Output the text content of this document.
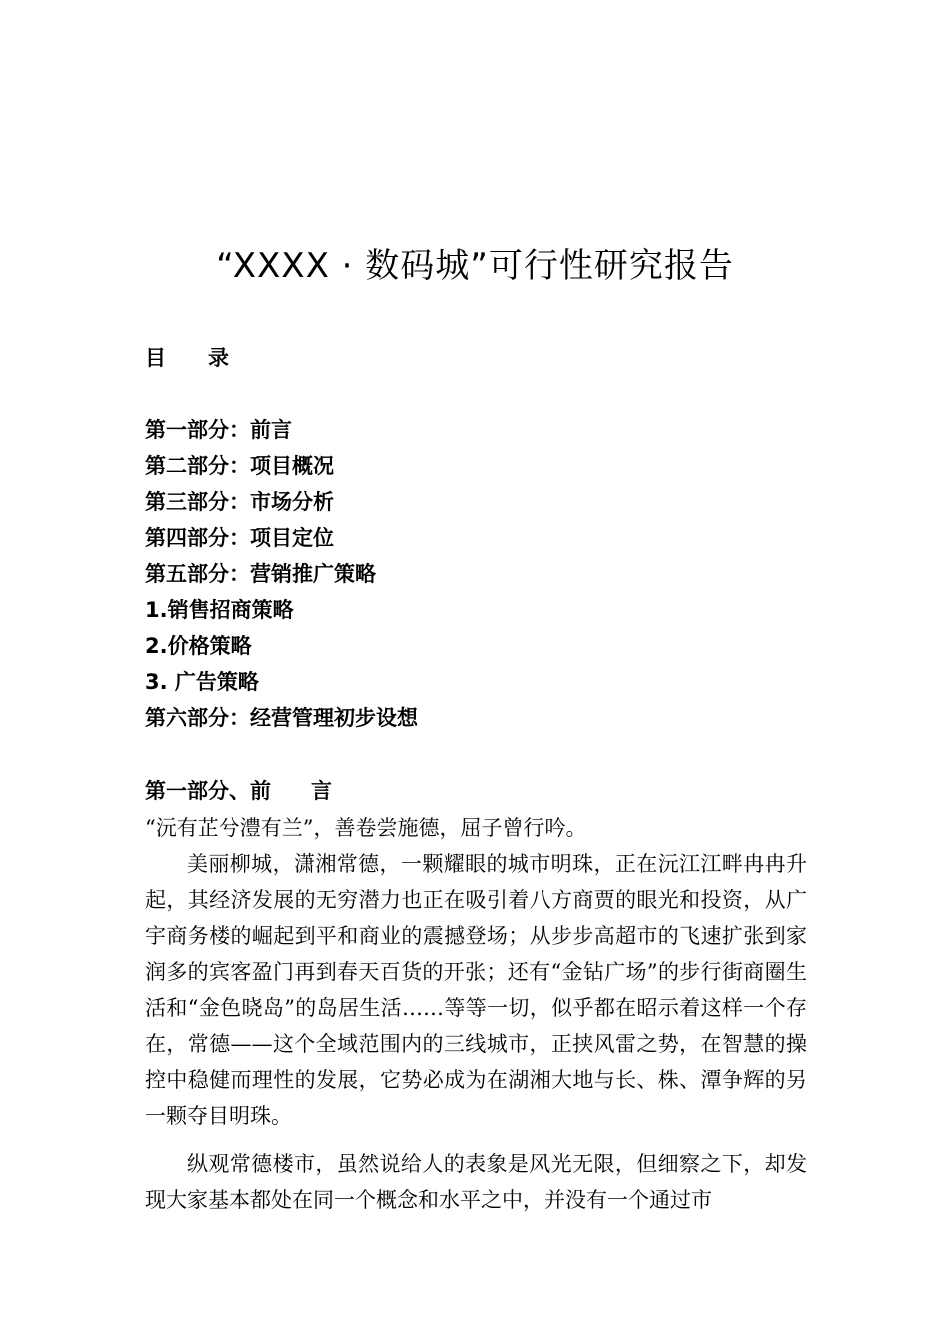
“XXXX · 数码城”可行性研究报告
目 录
第一部分：前言
第二部分：项目概况
第三部分：市场分析
第四部分：项目定位
第五部分：营销推广策略
1.销售招商策略
2.价格策略
3. 广告策略
第六部分：经营管理初步设想
第一部分、前 言

“沅有芷兮澧有兰”，善卷尝施德，屈子曾行吟。

美丽柳城，潇湘常德，一颗耀眼的城市明珠，正在沅江江畔冉冉升起，其经济发展的无穷潜力也正在吸引着八方商贾的眼光和投资，从广宇商务楼的崛起到平和商业的震撼登场；从步步高超市的飞速扩张到家润多的宾客盈门再到春天百货的开张；还有“金钻广场”的步行街商圈生活和“金色晓岛”的岛居生活……等等一切，似乎都在昭示着这样一个存在，常德——这个全域范围内的三线城市，正挟风雷之势，在智慧的操控中稳健而理性的发展，它势必成为在湖湘大地与长、株、潭争辉的另一颗夺目明珠。

纵观常德楼市，虽然说给人的表象是风光无限，但细察之下，却发现大家基本都处在同一个概念和水平之中，并没有一个通过市
